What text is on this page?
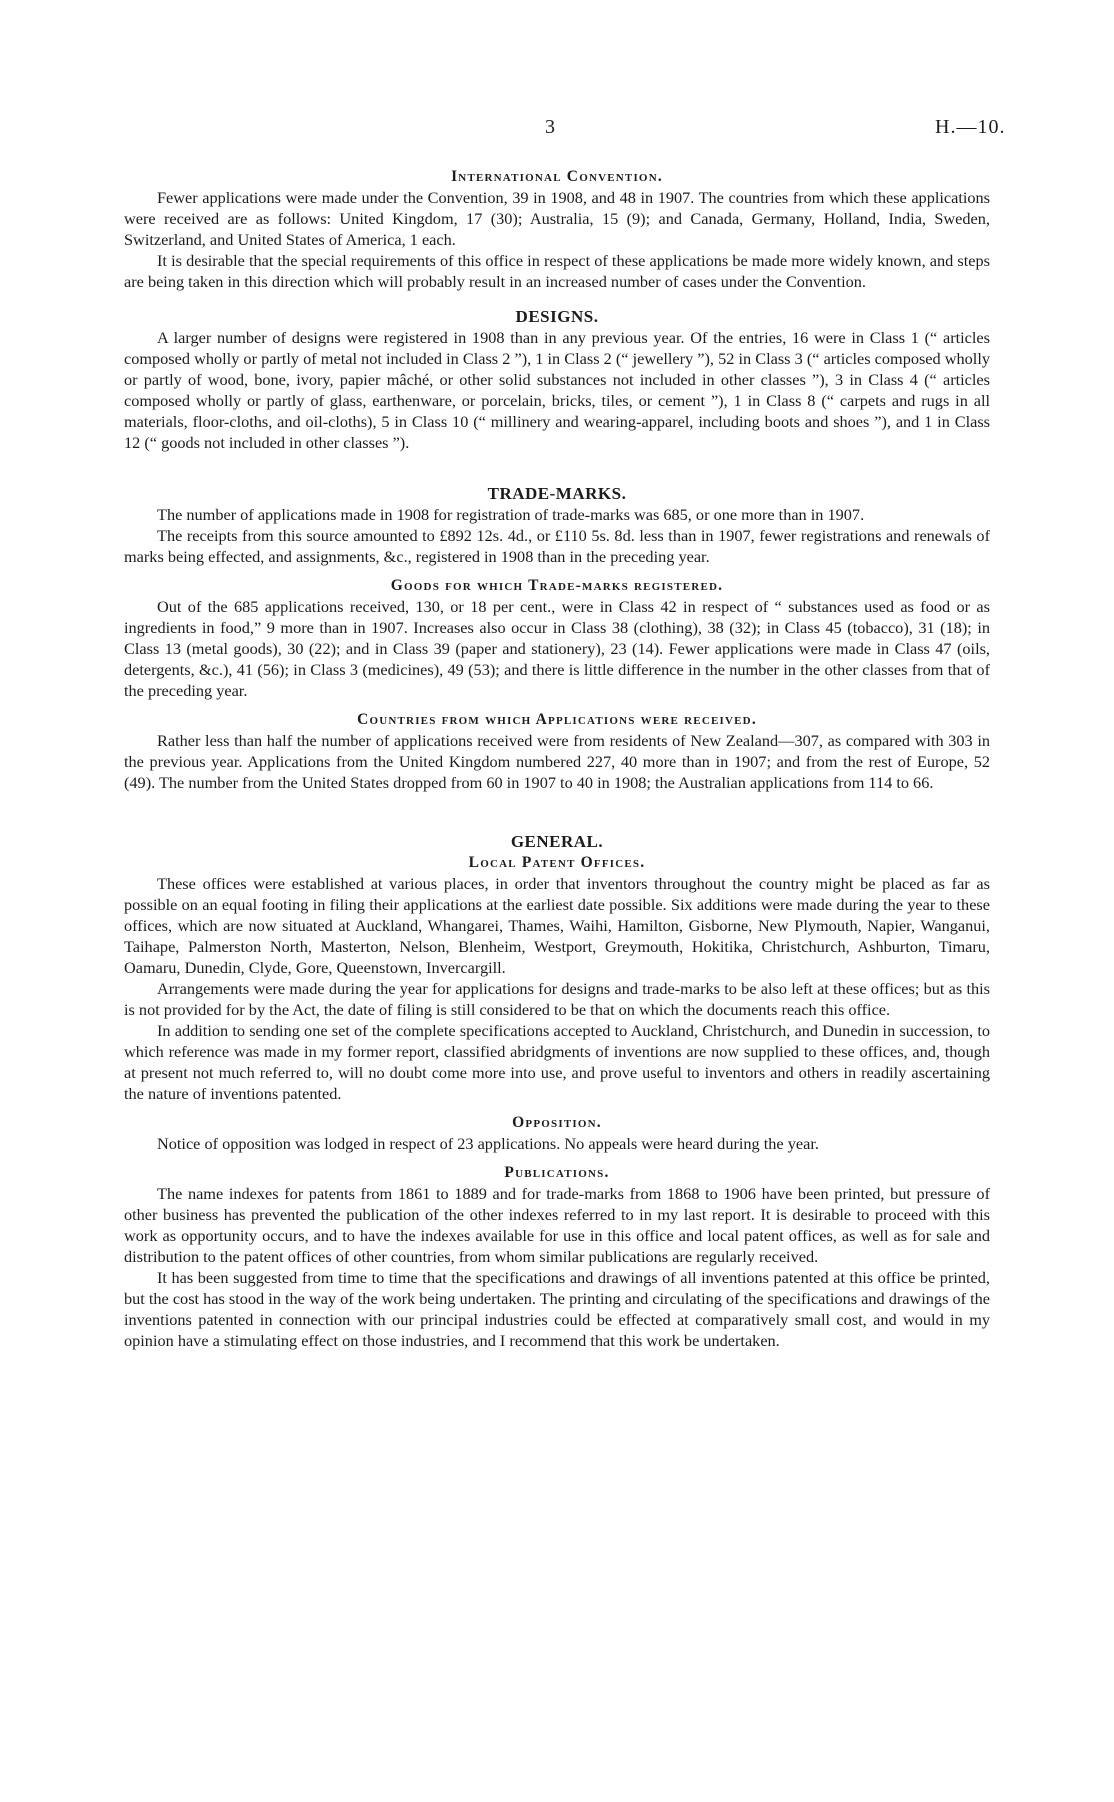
3	H.—10.
International Convention.

Fewer applications were made under the Convention, 39 in 1908, and 48 in 1907. The countries from which these applications were received are as follows: United Kingdom, 17 (30); Australia, 15 (9); and Canada, Germany, Holland, India, Sweden, Switzerland, and United States of America, 1 each.

It is desirable that the special requirements of this office in respect of these applications be made more widely known, and steps are being taken in this direction which will probably result in an increased number of cases under the Convention.

DESIGNS.

A larger number of designs were registered in 1908 than in any previous year. Of the entries, 16 were in Class 1 (“ articles composed wholly or partly of metal not included in Class 2 ”), 1 in Class 2 (“ jewellery ”), 52 in Class 3 (“ articles composed wholly or partly of wood, bone, ivory, papier mâché, or other solid substances not included in other classes ”), 3 in Class 4 (“ articles composed wholly or partly of glass, earthenware, or porcelain, bricks, tiles, or cement ”), 1 in Class 8 (“ carpets and rugs in all materials, floor-cloths, and oil-cloths), 5 in Class 10 (“ millinery and wearing-apparel, including boots and shoes ”), and 1 in Class 12 (“ goods not included in other classes ”).

TRADE-MARKS.

The number of applications made in 1908 for registration of trade-marks was 685, or one more than in 1907.

The receipts from this source amounted to £892 12s. 4d., or £110 5s. 8d. less than in 1907, fewer registrations and renewals of marks being effected, and assignments, &c., registered in 1908 than in the preceding year.

Goods for which Trade-marks registered.

Out of the 685 applications received, 130, or 18 per cent., were in Class 42 in respect of “ substances used as food or as ingredients in food,” 9 more than in 1907. Increases also occur in Class 38 (clothing), 38 (32); in Class 45 (tobacco), 31 (18); in Class 13 (metal goods), 30 (22); and in Class 39 (paper and stationery), 23 (14). Fewer applications were made in Class 47 (oils, detergents, &c.), 41 (56); in Class 3 (medicines), 49 (53); and there is little difference in the number in the other classes from that of the preceding year.

Countries from which Applications were received.

Rather less than half the number of applications received were from residents of New Zealand—307, as compared with 303 in the previous year. Applications from the United Kingdom numbered 227, 40 more than in 1907; and from the rest of Europe, 52 (49). The number from the United States dropped from 60 in 1907 to 40 in 1908; the Australian applications from 114 to 66.

GENERAL.
Local Patent Offices.

These offices were established at various places, in order that inventors throughout the country might be placed as far as possible on an equal footing in filing their applications at the earliest date possible. Six additions were made during the year to these offices, which are now situated at Auckland, Whangarei, Thames, Waihi, Hamilton, Gisborne, New Plymouth, Napier, Wanganui, Taihape, Palmerston North, Masterton, Nelson, Blenheim, Westport, Greymouth, Hokitika, Christchurch, Ashburton, Timaru, Oamaru, Dunedin, Clyde, Gore, Queenstown, Invercargill.

Arrangements were made during the year for applications for designs and trade-marks to be also left at these offices; but as this is not provided for by the Act, the date of filing is still considered to be that on which the documents reach this office.

In addition to sending one set of the complete specifications accepted to Auckland, Christchurch, and Dunedin in succession, to which reference was made in my former report, classified abridgments of inventions are now supplied to these offices, and, though at present not much referred to, will no doubt come more into use, and prove useful to inventors and others in readily ascertaining the nature of inventions patented.

Opposition.

Notice of opposition was lodged in respect of 23 applications. No appeals were heard during the year.

Publications.

The name indexes for patents from 1861 to 1889 and for trade-marks from 1868 to 1906 have been printed, but pressure of other business has prevented the publication of the other indexes referred to in my last report. It is desirable to proceed with this work as opportunity occurs, and to have the indexes available for use in this office and local patent offices, as well as for sale and distribution to the patent offices of other countries, from whom similar publications are regularly received.

It has been suggested from time to time that the specifications and drawings of all inventions patented at this office be printed, but the cost has stood in the way of the work being undertaken. The printing and circulating of the specifications and drawings of the inventions patented in connection with our principal industries could be effected at comparatively small cost, and would in my opinion have a stimulating effect on those industries, and I recommend that this work be undertaken.
